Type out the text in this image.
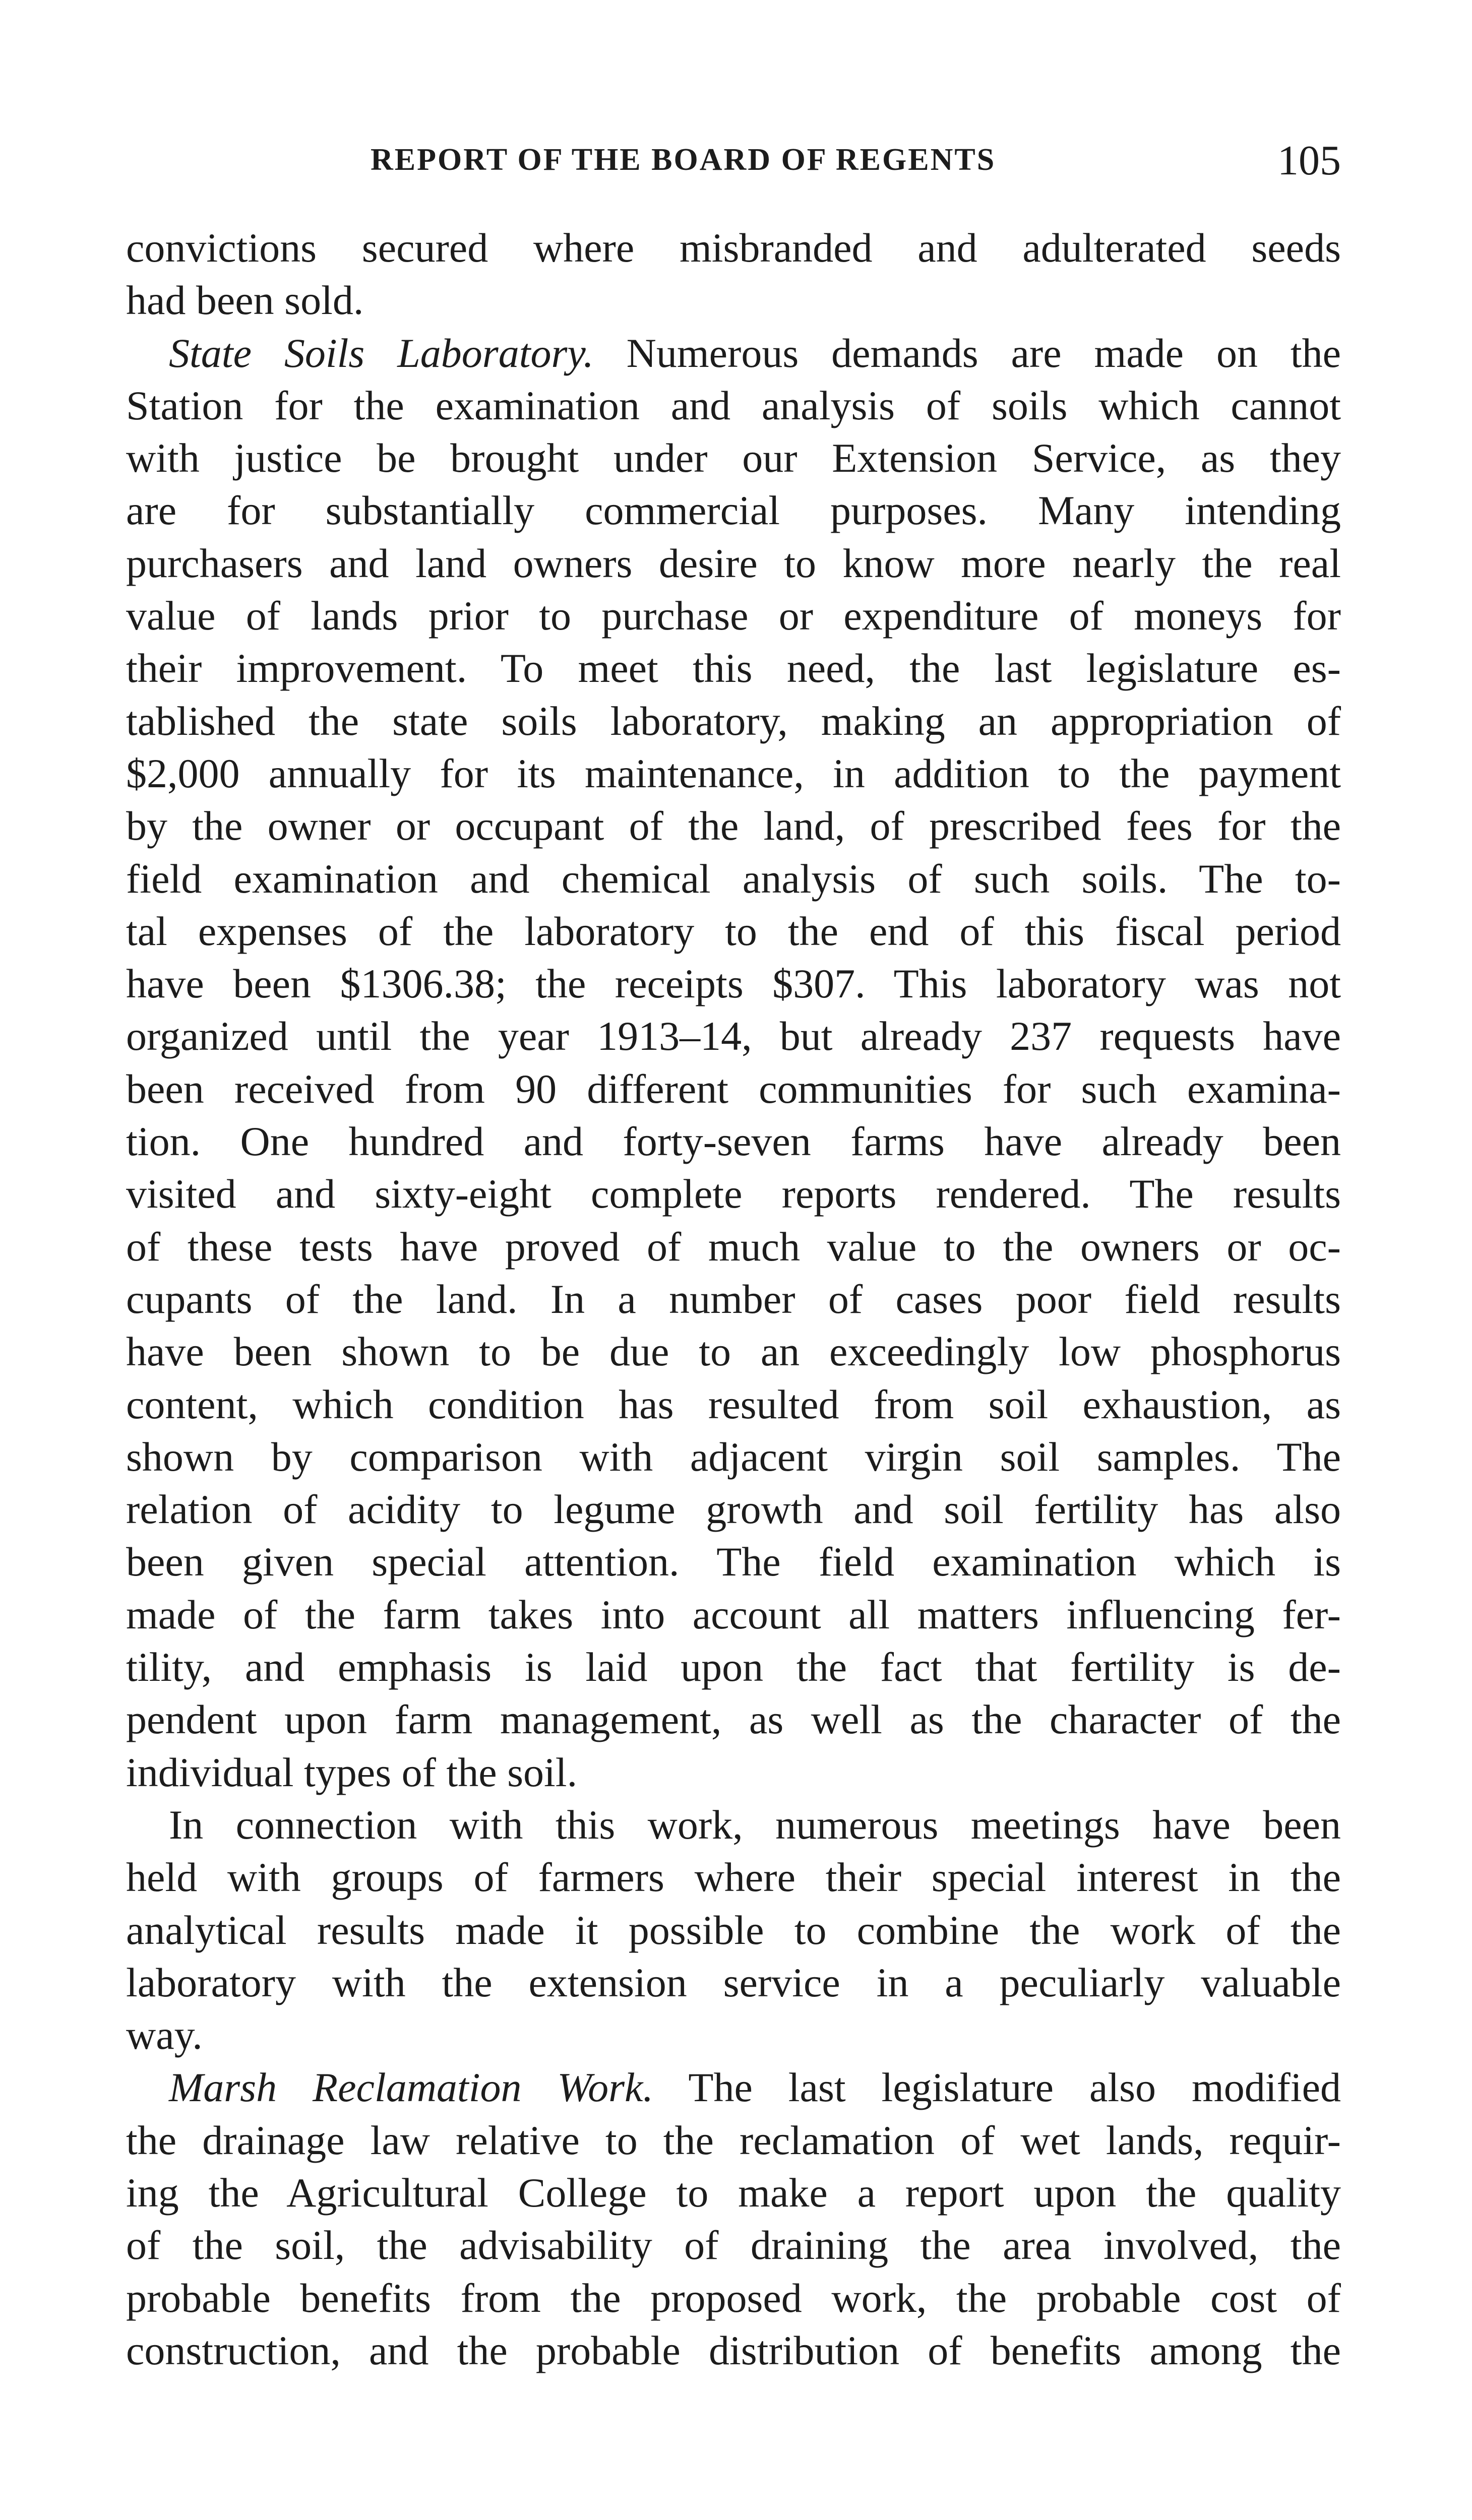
REPORT OF THE BOARD OF REGENTS	105
convictions secured where misbranded and adulterated seeds
had been sold.
State Soils Laboratory. Numerous demands are made on the
Station for the examination and analysis of soils which cannot
with justice be brought under our Extension Service, as they
are for substantially commercial purposes. Many intending
purchasers and land owners desire to know more nearly the real
value of lands prior to purchase or expenditure of moneys for
their improvement. To meet this need, the last legislature es-
tablished the state soils laboratory, making an appropriation of
$2,000 annually for its maintenance, in addition to the payment
by the owner or occupant of the land, of prescribed fees for the
field examination and chemical analysis of such soils. The to-
tal expenses of the laboratory to the end of this fiscal period
have been $1306.38; the receipts $307. This laboratory was not
organized until the year 1913–14, but already 237 requests have
been received from 90 different communities for such examina-
tion. One hundred and forty-seven farms have already been
visited and sixty-eight complete reports rendered. The results
of these tests have proved of much value to the owners or oc-
cupants of the land. In a number of cases poor field results
have been shown to be due to an exceedingly low phosphorus
content, which condition has resulted from soil exhaustion, as
shown by comparison with adjacent virgin soil samples. The
relation of acidity to legume growth and soil fertility has also
been given special attention. The field examination which is
made of the farm takes into account all matters influencing fer-
tility, and emphasis is laid upon the fact that fertility is de-
pendent upon farm management, as well as the character of the
individual types of the soil.
In connection with this work, numerous meetings have been
held with groups of farmers where their special interest in the
analytical results made it possible to combine the work of the
laboratory with the extension service in a peculiarly valuable
way.
Marsh Reclamation Work. The last legislature also modified
the drainage law relative to the reclamation of wet lands, requir-
ing the Agricultural College to make a report upon the quality
of the soil, the advisability of draining the area involved, the
probable benefits from the proposed work, the probable cost of
construction, and the probable distribution of benefits among the
